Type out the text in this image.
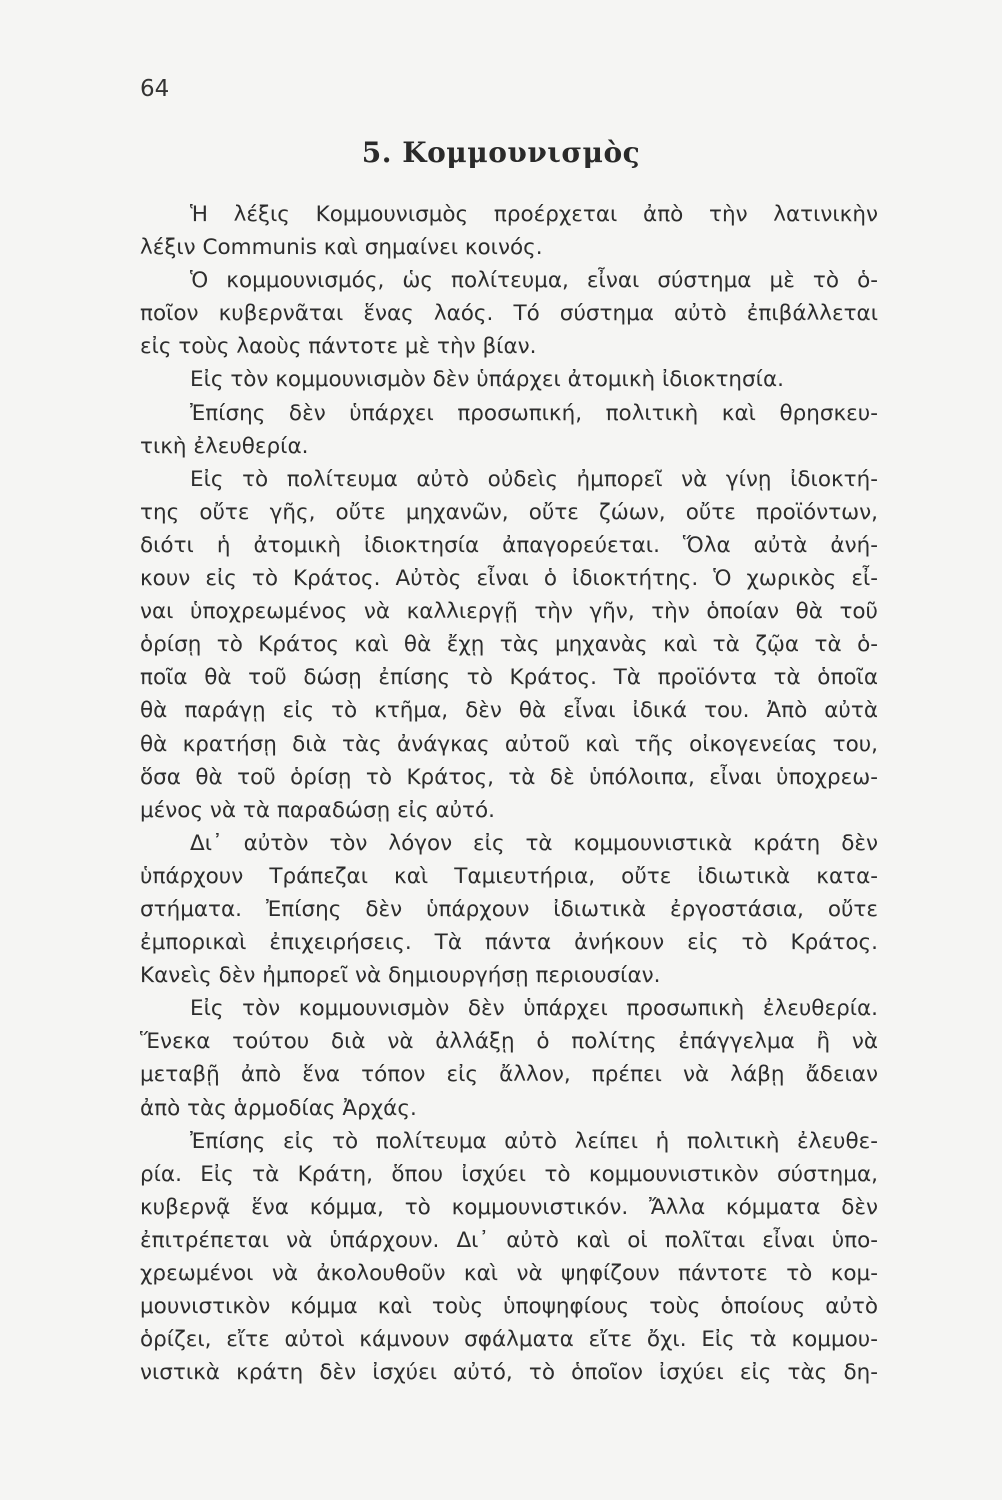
64
5. Κομμουνισμὸς
Ἡ λέξις Κομμουνισμὸς προέρχεται ἀπὸ τὴν λατινικὴν
λέξιν Communis καὶ σημαίνει κοινός.
Ὁ κομμουνισμός, ὡς πολίτευμα, εἶναι σύστημα μὲ τὸ ὁ-
ποῖον κυβερνᾶται ἕνας λαός. Τό σύστημα αὐτὸ ἐπιβάλλεται
εἰς τοὺς λαοὺς πάντοτε μὲ τὴν βίαν.
Εἰς τὸν κομμουνισμὸν δὲν ὑπάρχει ἀτομικὴ ἰδιοκτησία.
Ἐπίσης δὲν ὑπάρχει προσωπική, πολιτικὴ καὶ θρησκευ-
τικὴ ἐλευθερία.
Εἰς τὸ πολίτευμα αὐτὸ οὐδεὶς ἠμπορεῖ νὰ γίνῃ ἰδιοκτή-
της οὔτε γῆς, οὔτε μηχανῶν, οὔτε ζώων, οὔτε προϊόντων,
διότι ἡ ἀτομικὴ ἰδιοκτησία ἀπαγορεύεται. Ὅλα αὐτὰ ἀνή-
κουν εἰς τὸ Κράτος. Αὐτὸς εἶναι ὁ ἰδιοκτήτης. Ὁ χωρικὸς εἶ-
ναι ὑποχρεωμένος νὰ καλλιεργῇ τὴν γῆν, τὴν ὁποίαν θὰ τοῦ
ὁρίσῃ τὸ Κράτος καὶ θὰ ἔχῃ τὰς μηχανὰς καὶ τὰ ζῷα τὰ ὁ-
ποῖα θὰ τοῦ δώσῃ ἐπίσης τὸ Κράτος. Τὰ προϊόντα τὰ ὁποῖα
θὰ παράγῃ εἰς τὸ κτῆμα, δὲν θὰ εἶναι ἰδικά του. Ἀπὸ αὐτὰ
θὰ κρατήσῃ διὰ τὰς ἀνάγκας αὐτοῦ καὶ τῆς οἰκογενείας του,
ὅσα θὰ τοῦ ὁρίσῃ τὸ Κράτος, τὰ δὲ ὑπόλοιπα, εἶναι ὑποχρεω-
μένος νὰ τὰ παραδώσῃ εἰς αὐτό.
Δι᾿ αὐτὸν τὸν λόγον εἰς τὰ κομμουνιστικὰ κράτη δὲν
ὑπάρχουν Τράπεζαι καὶ Ταμιευτήρια, οὔτε ἰδιωτικὰ κατα-
στήματα. Ἐπίσης δὲν ὑπάρχουν ἰδιωτικὰ ἐργοστάσια, οὔτε
ἐμπορικαὶ ἐπιχειρήσεις. Τὰ πάντα ἀνήκουν εἰς τὸ Κράτος.
Κανεὶς δὲν ἠμπορεῖ νὰ δημιουργήσῃ περιουσίαν.
Εἰς τὸν κομμουνισμὸν δὲν ὑπάρχει προσωπικὴ ἐλευθερία.
Ἕνεκα τούτου διὰ νὰ ἀλλάξῃ ὁ πολίτης ἐπάγγελμα ἢ νὰ
μεταβῇ ἀπὸ ἕνα τόπον εἰς ἄλλον, πρέπει νὰ λάβῃ ἄδειαν
ἀπὸ τὰς ἁρμοδίας Ἀρχάς.
Ἐπίσης εἰς τὸ πολίτευμα αὐτὸ λείπει ἡ πολιτικὴ ἐλευθε-
ρία. Εἰς τὰ Κράτη, ὅπου ἰσχύει τὸ κομμουνιστικὸν σύστημα,
κυβερνᾷ ἕνα κόμμα, τὸ κομμουνιστικόν. Ἄλλα κόμματα δὲν
ἐπιτρέπεται νὰ ὑπάρχουν. Δι᾿ αὐτὸ καὶ οἱ πολῖται εἶναι ὑπο-
χρεωμένοι νὰ ἀκολουθοῦν καὶ νὰ ψηφίζουν πάντοτε τὸ κομ-
μουνιστικὸν κόμμα καὶ τοὺς ὑποψηφίους τοὺς ὁποίους αὐτὸ
ὁρίζει, εἴτε αὐτοὶ κάμνουν σφάλματα εἴτε ὄχι. Εἰς τὰ κομμου-
νιστικὰ κράτη δὲν ἰσχύει αὐτό, τὸ ὁποῖον ἰσχύει εἰς τὰς δη-
